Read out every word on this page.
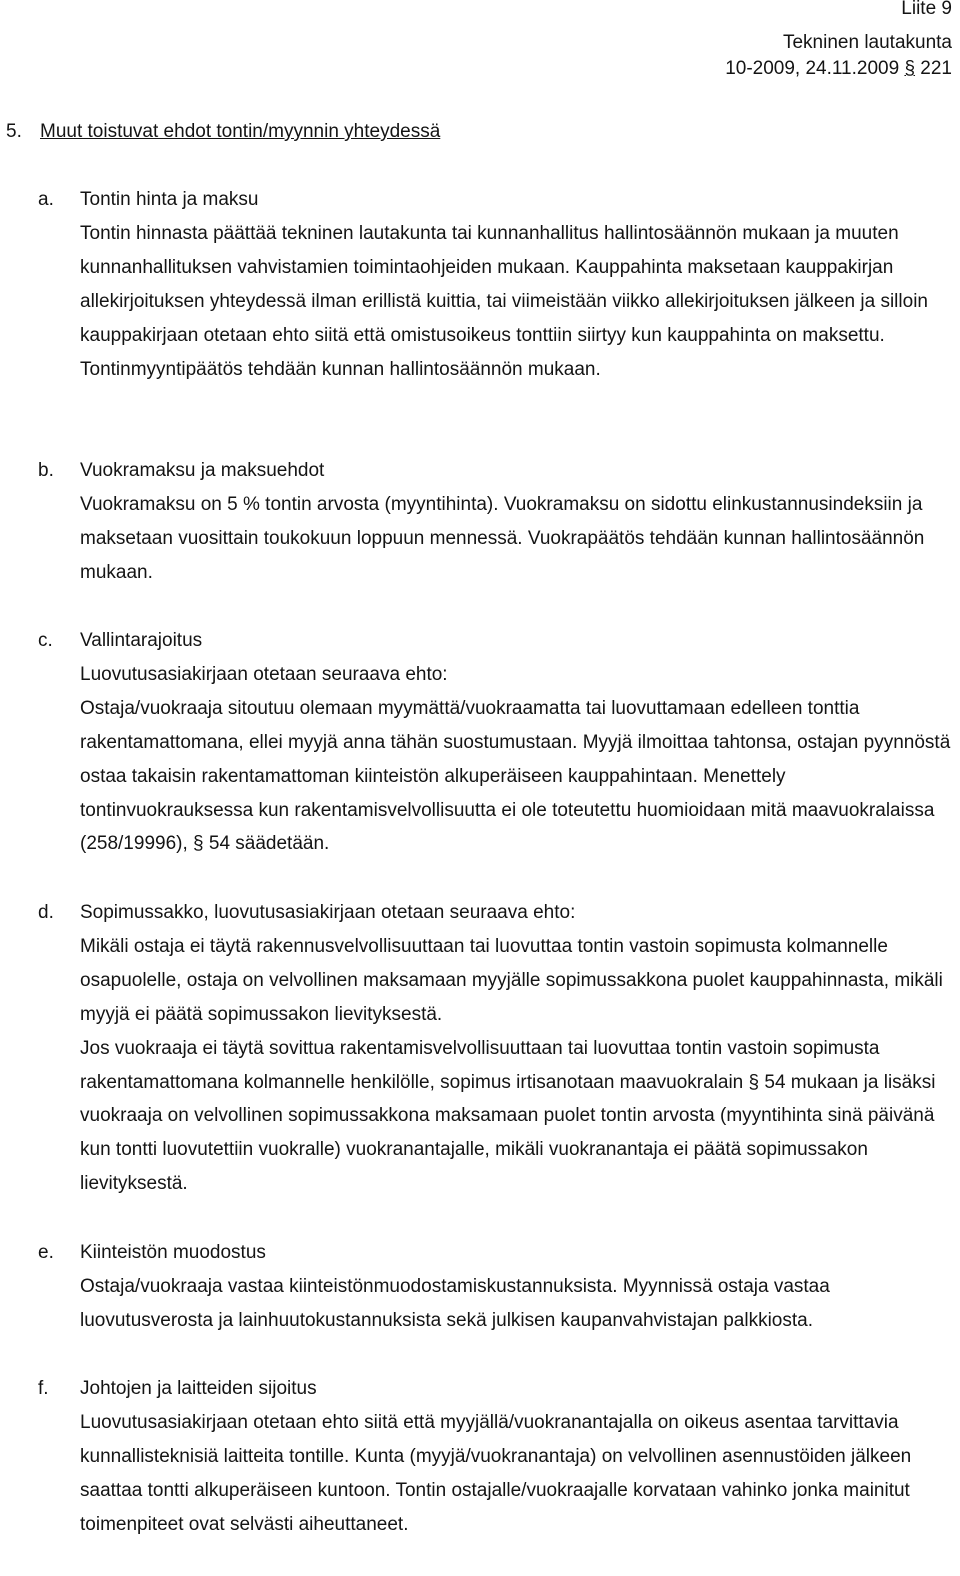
Liite 9
Tekninen lautakunta
10-2009, 24.11.2009 § 221
5. Muut toistuvat ehdot tontin/myynnin yhteydessä
a. Tontin hinta ja maksu

Tontin hinnasta päättää tekninen lautakunta tai kunnanhallitus hallintosäännön mukaan ja muuten kunnanhallituksen vahvistamien toimintaohjeiden mukaan. Kauppahinta maksetaan kauppakirjan allekirjoituksen yhteydessä ilman erillistä kuittia, tai viimeistään viikko allekirjoituksen jälkeen ja silloin kauppakirjaan otetaan ehto siitä että omistusoikeus tonttiin siirtyy kun kauppahinta on maksettu. Tontinmyyntipäätös tehdään kunnan hallintosäännön mukaan.

b. Vuokramaksu ja maksuehdot

Vuokramaksu on 5 % tontin arvosta (myyntihinta). Vuokramaksu on sidottu elinkustannusindeksiin ja maksetaan vuosittain toukokuun loppuun mennessä. Vuokrapäätös tehdään kunnan hallintosäännön mukaan.

c. Vallintarajoitus

Luovutusasiakirjaan otetaan seuraava ehto:

Ostaja/vuokraaja sitoutuu olemaan myymättä/vuokraamatta tai luovuttamaan edelleen tonttia rakentamattomana, ellei myyjä anna tähän suostumustaan. Myyjä ilmoittaa tahtonsa, ostajan pyynnöstä ostaa takaisin rakentamattoman kiinteistön alkuperäiseen kauppahintaan. Menettely tontinvuokrauksessa kun rakentamisvelvollisuutta ei ole toteutettu huomioidaan mitä maavuokralaissa (258/19996), § 54 säädetään.

d. Sopimussakko, luovutusasiakirjaan otetaan seuraava ehto:

Mikäli ostaja ei täytä rakennusvelvollisuuttaan tai luovuttaa tontin vastoin sopimusta kolmannelle osapuolelle, ostaja on velvollinen maksamaan myyjälle sopimussakkona puolet kauppahinnasta, mikäli myyjä ei päätä sopimussakon lievityksestä.

Jos vuokraaja ei täytä sovittua rakentamisvelvollisuuttaan tai luovuttaa tontin vastoin sopimusta rakentamattomana kolmannelle henkilölle, sopimus irtisanotaan maavuokralain § 54 mukaan ja lisäksi vuokraaja on velvollinen sopimussakkona maksamaan puolet tontin arvosta (myyntihinta sinä päivänä kun tontti luovutettiin vuokralle) vuokranantajalle, mikäli vuokranantaja ei päätä sopimussakon lievityksestä.

e. Kiinteistön muodostus

Ostaja/vuokraaja vastaa kiinteistönmuodostamiskustannuksista. Myynnissä ostaja vastaa luovutusverosta ja lainhuutokustannuksista sekä julkisen kaupanvahvistajan palkkiosta.

f. Johtojen ja laitteiden sijoitus

Luovutusasiakirjaan otetaan ehto siitä että myyjällä/vuokranantajalla on oikeus asentaa tarvittavia kunnallisteknisiä laitteita tontille. Kunta (myyjä/vuokranantaja) on velvollinen asennustöiden jälkeen saattaa tontti alkuperäiseen kuntoon. Tontin ostajalle/vuokraajalle korvataan vahinko jonka mainitut toimenpiteet ovat selvästi aiheuttaneet.
